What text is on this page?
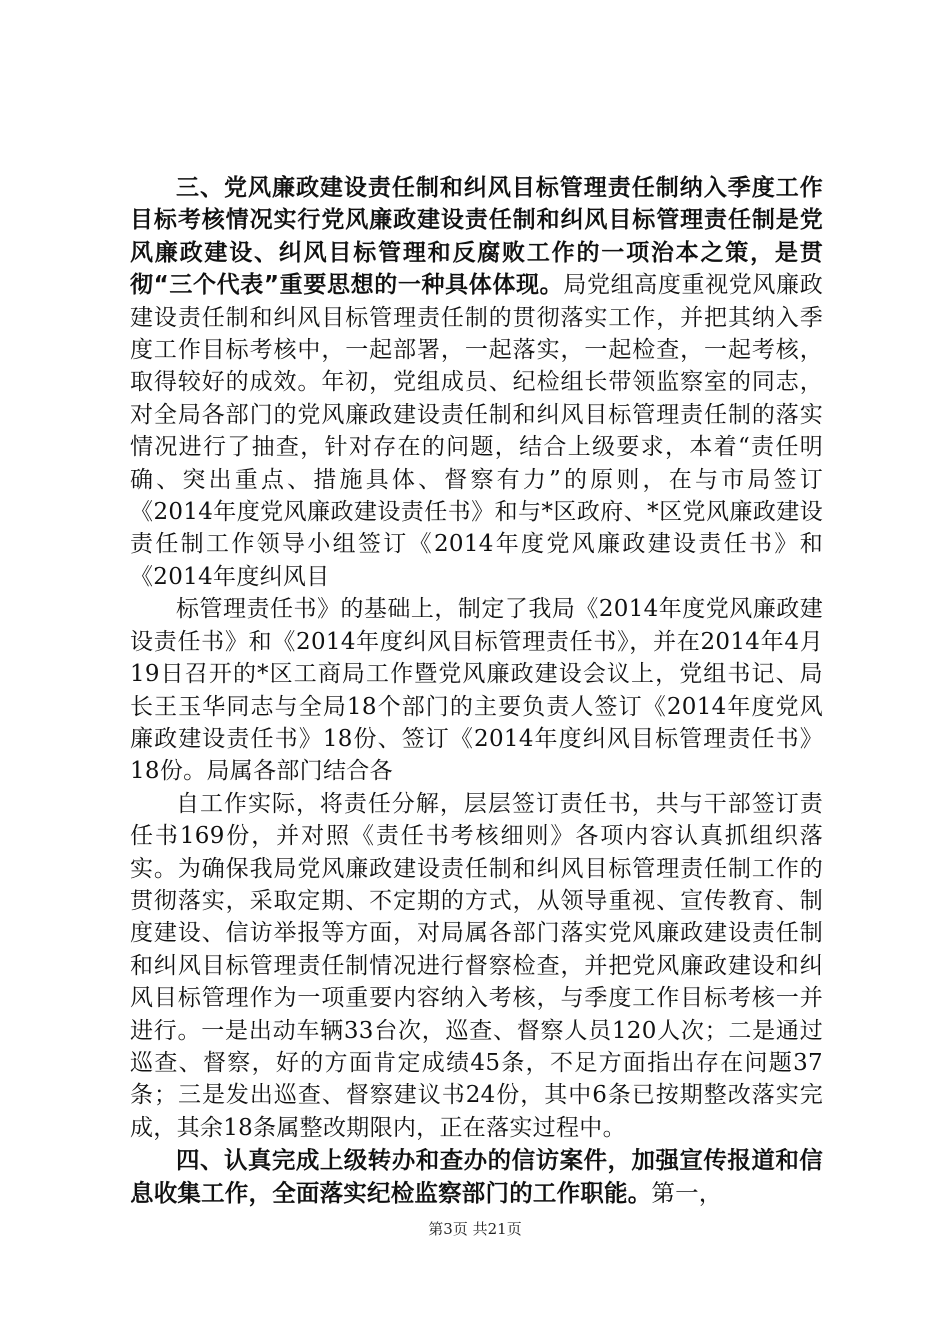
三、党风廉政建设责任制和纠风目标管理责任制纳入季度工作目标考核情况实行党风廉政建设责任制和纠风目标管理责任制是党风廉政建设、纠风目标管理和反腐败工作的一项治本之策，是贯彻“三个代表”重要思想的一种具体体现。局党组高度重视党风廉政建设责任制和纠风目标管理责任制的贯彻落实工作，并把其纳入季度工作目标考核中，一起部署，一起落实，一起检查，一起考核，取得较好的成效。年初，党组成员、纪检组长带领监察室的同志，对全局各部门的党风廉政建设责任制和纠风目标管理责任制的落实情况进行了抽查，针对存在的问题，结合上级要求，本着“责任明确、突出重点、措施具体、督察有力”的原则，在与市局签订《2014年度党风廉政建设责任书》和与*区政府、*区党风廉政建设责任制工作领导小组签订《2014年度党风廉政建设责任书》和《2014年度纠风目

标管理责任书》的基础上，制定了我局《2014年度党风廉政建设责任书》和《2014年度纠风目标管理责任书》，并在2014年4月19日召开的*区工商局工作暨党风廉政建设会议上，党组书记、局长王玉华同志与全局18个部门的主要负责人签订《2014年度党风廉政建设责任书》18份、签订《2014年度纠风目标管理责任书》18份。局属各部门结合各

自工作实际，将责任分解，层层签订责任书，共与干部签订责任书169份，并对照《责任书考核细则》各项内容认真抓组织落实。为确保我局党风廉政建设责任制和纠风目标管理责任制工作的贯彻落实，采取定期、不定期的方式，从领导重视、宣传教育、制度建设、信访举报等方面，对局属各部门落实党风廉政建设责任制和纠风目标管理责任制情况进行督察检查，并把党风廉政建设和纠风目标管理作为一项重要内容纳入考核，与季度工作目标考核一并进行。一是出动车辆33台次，巡查、督察人员120人次；二是通过巡查、督察，好的方面肯定成绩45条，不足方面指出存在问题37条；三是发出巡查、督察建议书24份，其中6条已按期整改落实完成，其余18条属整改期限内，正在落实过程中。

四、认真完成上级转办和查办的信访案件，加强宣传报道和信息收集工作，全面落实纪检监察部门的工作职能。第一，

第3页 共21页
